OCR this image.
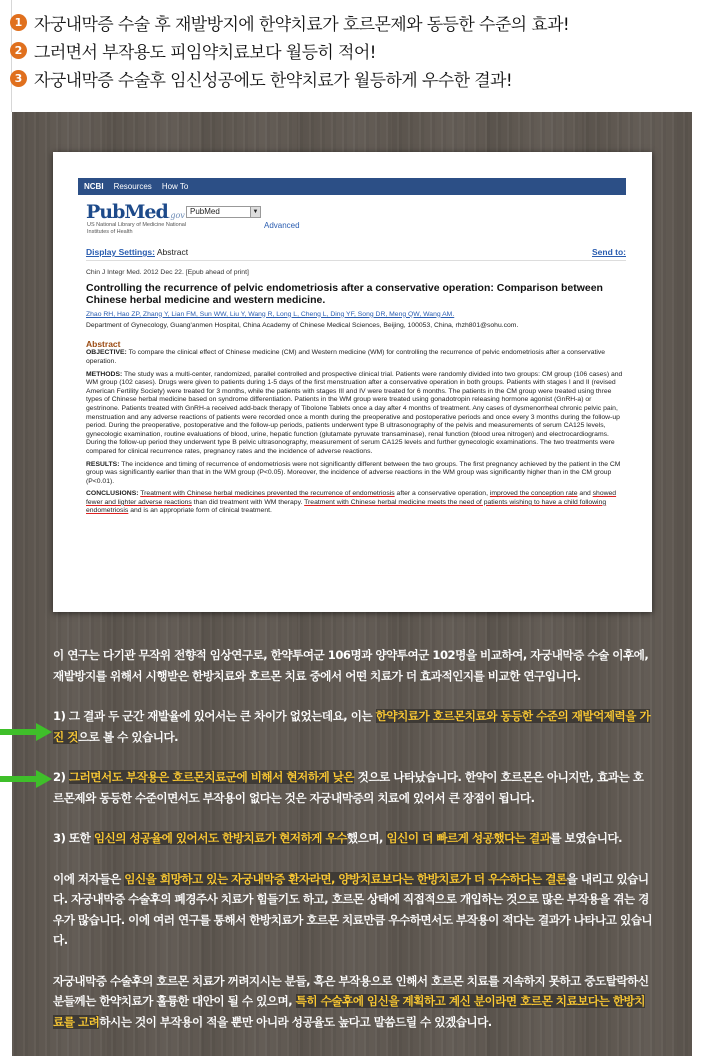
1 자궁내막증 수술 후 재발방지에 한약치료가 호르몬제와 동등한 수준의 효과!
2 그러면서 부작용도 피임약치료보다 월등히 적어!
3 자궁내막증 수술후 임신성공에도 한약치료가 월등하게 우수한 결과!
NCBI Resources How To
PubMed.gov
US National Library of Medicine National Institutes of Health
PubMed	▼
Advanced
Display Settings: Abstract	Send to:
Chin J Integr Med. 2012 Dec 22. [Epub ahead of print]
Controlling the recurrence of pelvic endometriosis after a conservative operation: Comparison between Chinese herbal medicine and western medicine.
Zhao RH, Hao ZP, Zhang Y, Lian FM, Sun WW, Liu Y, Wang R, Long L, Cheng L, Ding YF, Song DR, Meng QW, Wang AM.
Department of Gynecology, Guang'anmen Hospital, China Academy of Chinese Medical Sciences, Beijing, 100053, China, rhzh801@sohu.com.
Abstract

OBJECTIVE: To compare the clinical effect of Chinese medicine (CM) and Western medicine (WM) for controlling the recurrence of pelvic endometriosis after a conservative operation.

METHODS: The study was a multi-center, randomized, parallel controlled and prospective clinical trial. Patients were randomly divided into two groups: CM group (106 cases) and WM group (102 cases). Drugs were given to patients during 1-5 days of the first menstruation after a conservative operation in both groups. Patients with stages I and II (revised American Fertility Society) were treated for 3 months, while the patients with stages III and IV were treated for 6 months. The patients in the CM group were treated using three types of Chinese herbal medicine based on syndrome differentiation. Patients in the WM group were treated using gonadotropin releasing hormone agonist (GnRH-a) or gestrinone. Patients treated with GnRH-a received add-back therapy of Tibolone Tablets once a day after 4 months of treatment. Any cases of dysmenorrheal chronic pelvic pain, menstruation and any adverse reactions of patients were recorded once a month during the preoperative and postoperative periods and once every 3 months during the follow-up period. During the preoperative, postoperative and the follow-up periods, patients underwent type B ultrasonography of the pelvis and measurements of serum CA125 levels, gynecologic examination, routine evaluations of blood, urine, hepatic function (glutamate pyruvate transaminase), renal function (blood urea nitrogen) and electrocardiograms. During the follow-up period they underwent type B pelvic ultrasonography, measurement of serum CA125 levels and further gynecologic examinations. The two treatments were compared for clinical recurrence rates, pregnancy rates and the incidence of adverse reactions.

RESULTS: The incidence and timing of recurrence of endometriosis were not significantly different between the two groups. The first pregnancy achieved by the patient in the CM group was significantly earlier than that in the WM group (P<0.05). Moreover, the incidence of adverse reactions in the WM group was significantly higher than in the CM group (P<0.01).

CONCLUSIONS: Treatment with Chinese herbal medicines prevented the recurrence of endometriosis after a conservative operation, improved the conception rate and showed fewer and lighter adverse reactions than did treatment with WM therapy. Treatment with Chinese herbal medicine meets the need of patients wishing to have a child following endometriosis and is an appropriate form of clinical treatment.

이 연구는 다기관 무작위 전향적 임상연구로, 한약투여군 106명과 양약투여군 102명을 비교하여, 자궁내막증 수술 이후에, 재발방지를 위해서 시행받은 한방치료와 호르몬 치료 중에서 어떤 치료가 더 효과적인지를 비교한 연구입니다.

1) 그 결과 두 군간 재발율에 있어서는 큰 차이가 없었는데요, 이는 한약치료가 호르몬치료와 동등한 수준의 재발억제력을 가진 것으로 볼 수 있습니다.

2) 그러면서도 부작용은 호르몬치료군에 비해서 현저하게 낮은 것으로 나타났습니다. 한약이 호르몬은 아니지만, 효과는 호르몬제와 동등한 수준이면서도 부작용이 없다는 것은 자궁내막증의 치료에 있어서 큰 장점이 됩니다.

3) 또한 임신의 성공율에 있어서도 한방치료가 현저하게 우수했으며, 임신이 더 빠르게 성공했다는 결과를 보였습니다.

이에 저자들은 임신을 희망하고 있는 자궁내막증 환자라면, 양방치료보다는 한방치료가 더 우수하다는 결론을 내리고 있습니다. 자궁내막증 수술후의 폐경주사 치료가 힘들기도 하고, 호르몬 상태에 직접적으로 개입하는 것으로 많은 부작용을 겪는 경우가 많습니다. 이에 여러 연구를 통해서 한방치료가 호르몬 치료만큼 우수하면서도 부작용이 적다는 결과가 나타나고 있습니다.

자궁내막증 수술후의 호르몬 치료가 꺼려지시는 분들, 혹은 부작용으로 인해서 호르몬 치료를 지속하지 못하고 중도탈락하신 분들께는 한약치료가 훌륭한 대안이 될 수 있으며, 특히 수술후에 임신을 계획하고 계신 분이라면 호르몬 치료보다는 한방치료를 고려하시는 것이 부작용이 적을 뿐만 아니라 성공율도 높다고 말씀드릴 수 있겠습니다.
